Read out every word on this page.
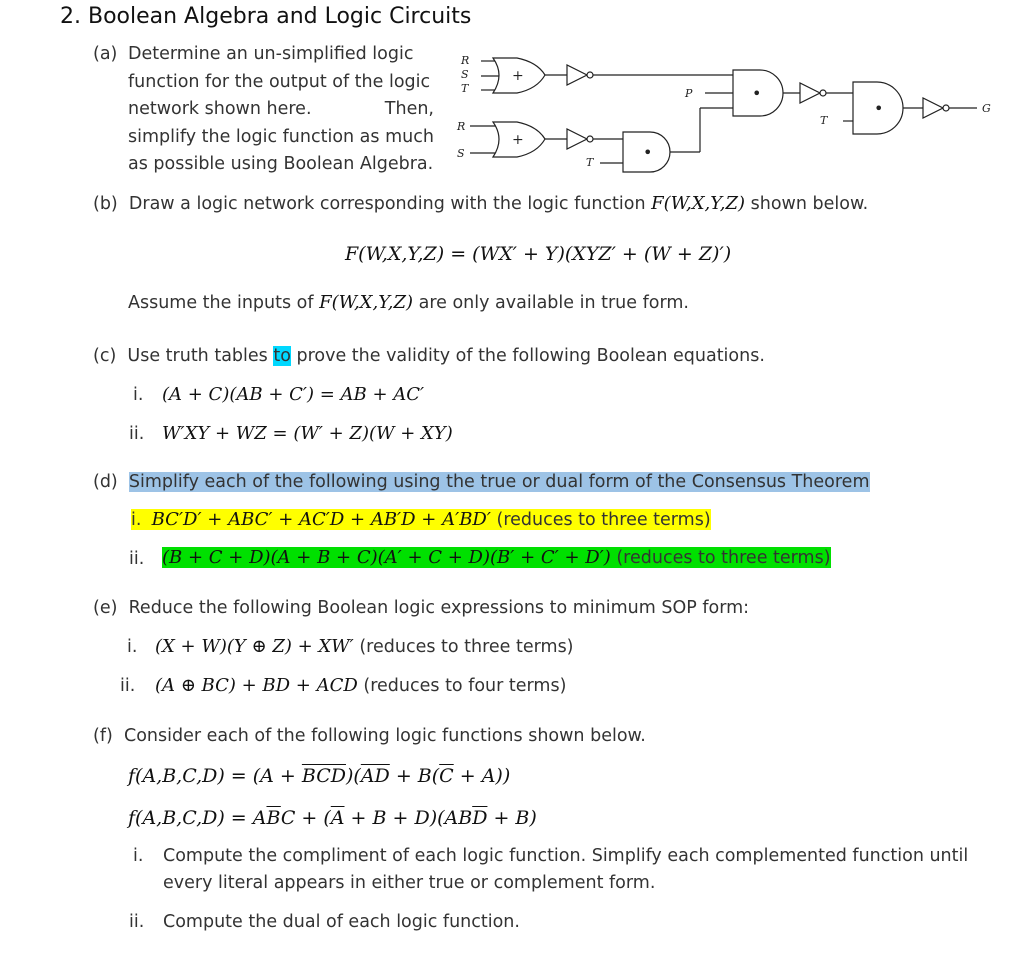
2. Boolean Algebra and Logic Circuits
(a) Determine an un-simplified logic
function for the output of the logic
network shown here.	Then,
simplify the logic function as much
as possible using Boolean Algebra.
R
S
T
R
S
+
+
T
•
P	•
T
•	G
(b) Draw a logic network corresponding with the logic function F(W,X,Y,Z) shown below.
F(W,X,Y,Z) = (WX′ + Y)(XYZ′ + (W + Z)′)
Assume the inputs of F(W,X,Y,Z) are only available in true form.
(c) Use truth tables to prove the validity of the following Boolean equations.
i. (A + C)(AB + C′) = AB + AC′
ii. W′XY + WZ = (W′ + Z)(W + XY)
(d) Simplify each of the following using the true or dual form of the Consensus Theorem
i. BC′D′ + ABC′ + AC′D + AB′D + A′BD′ (reduces to three terms)
ii. (B + C + D)(A + B + C)(A′ + C + D)(B′ + C′ + D′) (reduces to three terms)
(e) Reduce the following Boolean logic expressions to minimum SOP form:
i. (X + W)(Y ⊕ Z) + XW′ (reduces to three terms)
ii. (A ⊕ BC) + BD + ACD (reduces to four terms)
(f) Consider each of the following logic functions shown below.
$f(A,B,C,D) = (A + \overline{BCD})(\overline{AD} + B(\overline{C} + A))$
$f(A,B,C,D) = A\overline{B}C + (\overline{A} + B + D)(AB\overline{D} + B)$
i. Compute the compliment of each logic function. Simplify each complemented function until
every literal appears in either true or complement form.
ii. Compute the dual of each logic function.
